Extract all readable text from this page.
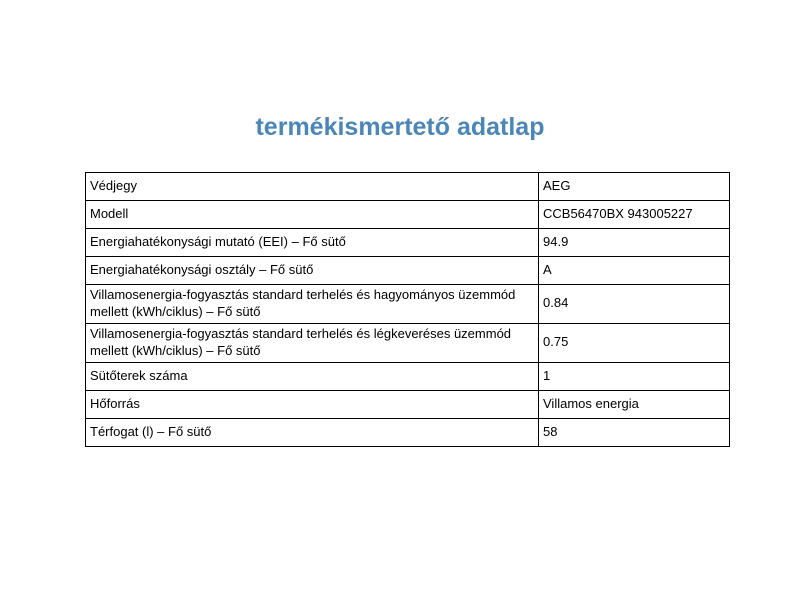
termékismertető adatlap
Védjegy	AEG
Modell	CCB56470BX 943005227
Energiahatékonysági mutató (EEI) – Fő sütő	94.9
Energiahatékonysági osztály – Fő sütő	A
Villamosenergia-fogyasztás standard terhelés és hagyományos üzemmód mellett (kWh/ciklus) – Fő sütő	0.84
Villamosenergia-fogyasztás standard terhelés és légkeveréses üzemmód mellett (kWh/ciklus) – Fő sütő	0.75
Sütőterek száma	1
Hőforrás	Villamos energia
Térfogat (l) – Fő sütő	58
